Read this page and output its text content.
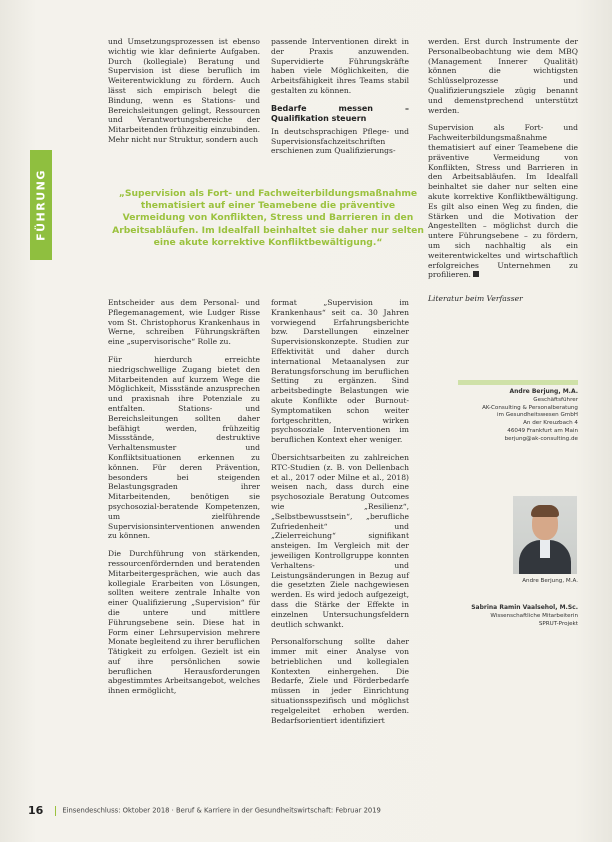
FÜHRUNG

und Umsetzungsprozessen ist ebenso wichtig wie klar definierte Aufgaben. Durch (kollegiale) Beratung und Supervision ist diese beruflich im Weiterentwicklung zu fördern. Auch lässt sich empirisch belegt die Bindung, wenn es Stations- und Bereichsleitungen gelingt, Ressourcen und Verantwortungsbereiche der Mitarbeitenden frühzeitig einzubinden. Mehr nicht nur Struktur, sondern auch

passende Interventionen direkt in der Praxis anzuwenden. Supervidierte Führungskräfte haben viele Möglichkeiten, die Arbeitsfähigkeit ihres Teams stabil gestalten zu können.

Bedarfe messen – Qualifikation steuern

In deutschsprachigen Pflege- und Supervisionsfachzeitschriften erschienen zum Qualifizierungs-

„Supervision als Fort- und Fachweiterbildungsmaßnahme thematisiert auf einer Teamebene die präventive Vermeidung von Konflikten, Stress und Barrieren in den Arbeitsabläufen. Im Idealfall beinhaltet sie daher nur selten eine akute korrektive Konfliktbewältigung.“

werden. Erst durch Instrumente der Personalbeobachtung wie dem MBQ (Management Innerer Qualität) können die wichtigsten Schlüsselprozesse und Qualifizierungsziele zügig benannt und demenstprechend unterstützt werden.

Supervision als Fort- und Fachweiterbildungsmaßnahme thematisiert auf einer Teamebene die präventive Vermeidung von Konflikten, Stress und Barrieren in den Arbeitsabläufen. Im Idealfall beinhaltet sie daher nur selten eine akute korrektive Konfliktbewältigung. Es gilt also einen Weg zu finden, die Stärken und die Motivation der Angestellten – möglichst durch die untere Führungsebene – zu fördern, um sich nachhaltig als ein weiterentwickeltes und wirtschaftlich erfolgreiches Unternehmen zu profilieren.

Literatur beim Verfasser

Entscheider aus dem Personal- und Pflegemanagement, wie Ludger Risse vom St. Christophorus Krankenhaus in Werne, schreiben Führungskräften eine „supervisorische“ Rolle zu.

Für hierdurch erreichte niedrigschwellige Zugang bietet den Mitarbeitenden auf kurzem Wege die Möglichkeit, Missstände anzusprechen und praxisnah ihre Potenziale zu entfalten. Stations- und Bereichsleitungen sollten daher befähigt werden, frühzeitig Missstände, destruktive Verhaltensmuster und Konfliktsituationen erkennen zu können. Für deren Prävention, besonders bei steigenden Belastungsgraden ihrer Mitarbeitenden, benötigen sie psychosozial-beratende Kompetenzen, um zielführende Supervisionsinterventionen anwenden zu können.

Die Durchführung von stärkenden, ressourcenfördernden und beratenden Mitarbeitergesprächen, wie auch das kollegiale Erarbeiten von Lösungen, sollten weitere zentrale Inhalte von einer Qualifizierung „Supervision“ für die untere und mittlere Führungsebene sein. Diese hat in Form einer Lehrsupervision mehrere Monate begleitend zu ihrer beruflichen Tätigkeit zu erfolgen. Gezielt ist ein auf ihre persönlichen sowie beruflichen Herausforderungen abgestimmtes Arbeitsangebot, welches ihnen ermöglicht,

format „Supervision im Krankenhaus“ seit ca. 30 Jahren vorwiegend Erfahrungsberichte bzw. Darstellungen einzelner Supervisionskonzepte. Studien zur Effektivität und daher durch international Metaanalysen zur Beratungsforschung im beruflichen Setting zu ergänzen. Sind arbeitsbedingte Belastungen wie akute Konflikte oder Burnout-Symptomatiken schon weiter fortgeschritten, wirken psychosoziale Interventionen im beruflichen Kontext eher weniger.

Übersichtsarbeiten zu zahlreichen RTC-Studien (z. B. von Dellenbach et al., 2017 oder Milne et al., 2018) weisen nach, dass durch eine psychosoziale Beratung Outcomes wie „Resilienz“, „Selbstbewusstsein“, „berufliche Zufriedenheit“ und „Zielerreichung“ signifikant ansteigen. Im Vergleich mit der jeweiligen Kontrollgruppe konnten Verhaltens- und Leistungsänderungen in Bezug auf die gesetzten Ziele nachgewiesen werden. Es wird jedoch aufgezeigt, dass die Stärke der Effekte in einzelnen Untersuchungsfeldern deutlich schwankt.

Personalforschung sollte daher immer mit einer Analyse von betrieblichen und kollegialen Kontexten einhergehen. Die Bedarfe, Ziele und Förderbedarfe müssen in jeder Einrichtung situationsspezifisch und möglichst regelgeleitet erhoben werden. Bedarfsorientiert identifiziert

Andre Berjung, M.A.
Geschäftsführer
AK-Consulting & Personalberatung
im Gesundheitswesen GmbH
An der Kreuzbach 4
46049 Frankfurt am Main
berjung@ak-consulting.de
Andre Berjung, M.A.
Sabrina Ramin Vaalsehol, M.Sc.
Wissenschaftliche Mitarbeiterin
SPRUT-Projekt
16	Einsendeschluss: Oktober 2018 · Beruf & Karriere in der Gesundheitswirtschaft: Februar 2019
